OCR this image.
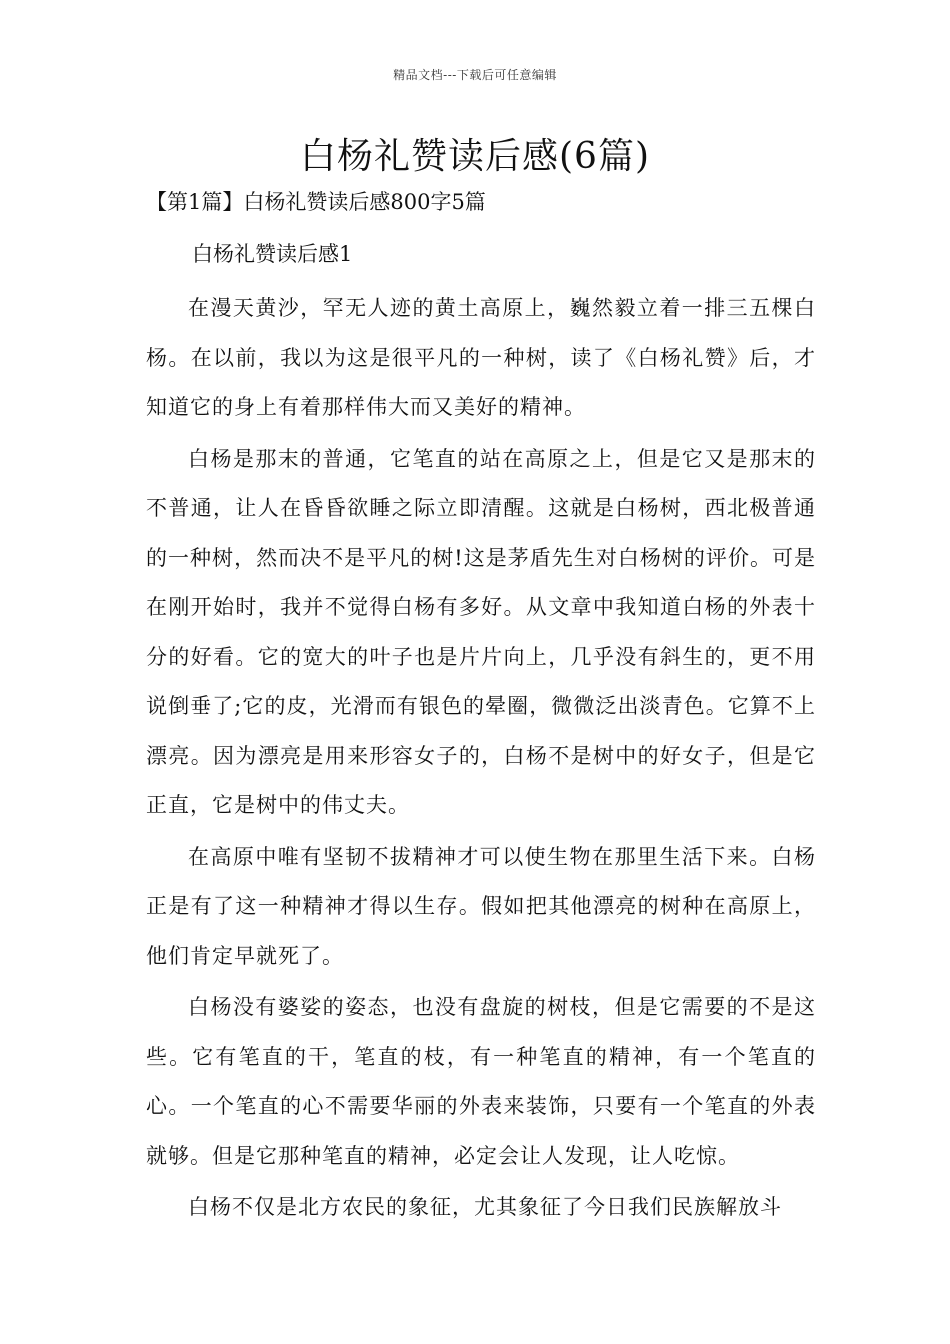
精品文档---下载后可任意编辑
白杨礼赞读后感(6篇)
【第1篇】白杨礼赞读后感800字5篇
白杨礼赞读后感1

在漫天黄沙，罕无人迹的黄土高原上，巍然毅立着一排三五棵白杨。在以前，我以为这是很平凡的一种树，读了《白杨礼赞》后，才知道它的身上有着那样伟大而又美好的精神。

白杨是那末的普通，它笔直的站在高原之上，但是它又是那末的不普通，让人在昏昏欲睡之际立即清醒。这就是白杨树，西北极普通的一种树，然而决不是平凡的树!这是茅盾先生对白杨树的评价。可是在刚开始时，我并不觉得白杨有多好。从文章中我知道白杨的外表十分的好看。它的宽大的叶子也是片片向上，几乎没有斜生的，更不用说倒垂了;它的皮，光滑而有银色的晕圈，微微泛出淡青色。它算不上漂亮。因为漂亮是用来形容女子的，白杨不是树中的好女子，但是它正直，它是树中的伟丈夫。

在高原中唯有坚韧不拔精神才可以使生物在那里生活下来。白杨正是有了这一种精神才得以生存。假如把其他漂亮的树种在高原上，他们肯定早就死了。

白杨没有婆娑的姿态，也没有盘旋的树枝，但是它需要的不是这些。它有笔直的干，笔直的枝，有一种笔直的精神，有一个笔直的心。一个笔直的心不需要华丽的外表来装饰，只要有一个笔直的外表就够。但是它那种笔直的精神，必定会让人发现，让人吃惊。

白杨不仅是北方农民的象征，尤其象征了今日我们民族解放斗
